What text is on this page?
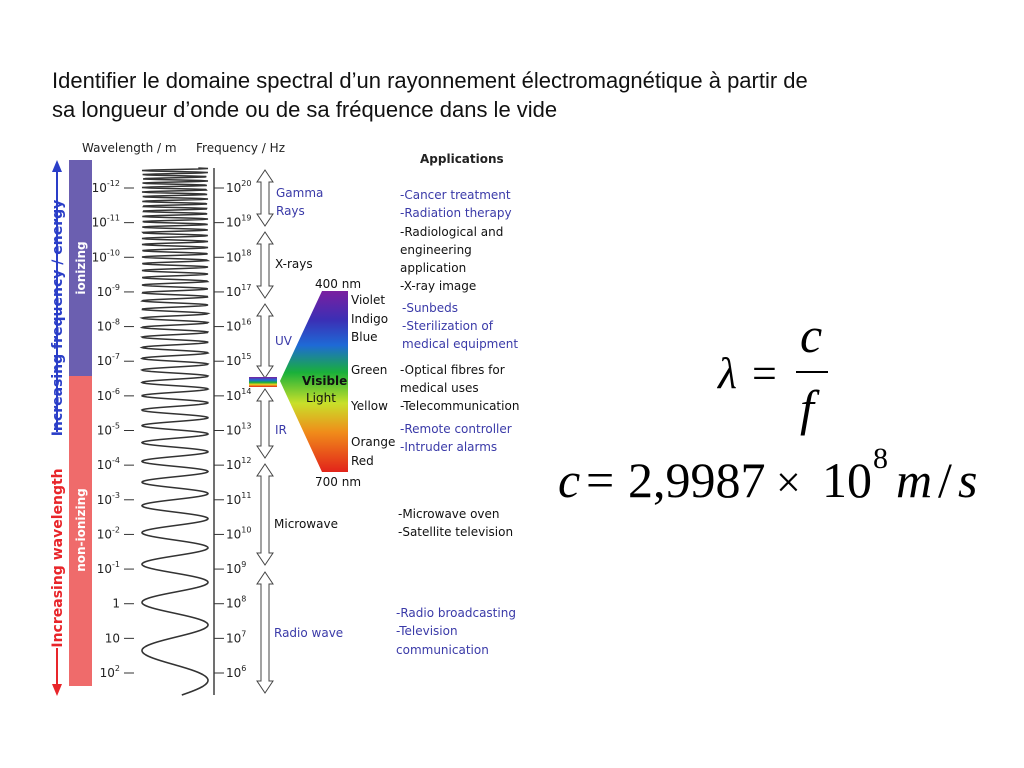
Identifier le domaine spectral d’un rayonnement électromagnétique à partir de
sa longueur d’onde ou de sa fréquence dans le vide
ionizing
non-ionizing
Increasing frequency / energy
Increasing wavelength
Wavelength / m Frequency / Hz
Applications
$10^{-12}$
$10^{-11}$
$10^{-10}$
$10^{-9}$
$10^{-8}$
$10^{-7}$
$10^{-6}$
$10^{-5}$
$10^{-4}$
$10^{-3}$
$10^{-2}$
$10^{-1}$
1
10
$10^2$
$10^{20}$
$10^{19}$
$10^{18}$
$10^{17}$
$10^{16}$
$10^{15}$
$10^{14}$
$10^{13}$
$10^{12}$
$10^{11}$
$10^{10}$
$10^9$
$10^8$
$10^7$
$10^6$
Gamma
Rays
X-rays
UV
IR
Microwave
Radio wave
Visible
Light
400 nm
700 nm
Violet
Indigo
Blue
Green
Yellow
Orange
Red
-Cancer treatment
-Radiation therapy
-Radiological and
engineering
application
-X-ray image
-Sunbeds
-Sterilization of
medical equipment
-Optical fibres for
medical uses
-Telecommunication
-Remote controller
-Intruder alarms
-Microwave oven
-Satellite television
-Radio broadcasting
-Television
communication
λ =
c
f
c = 2,9987 × 10 8 m / s
